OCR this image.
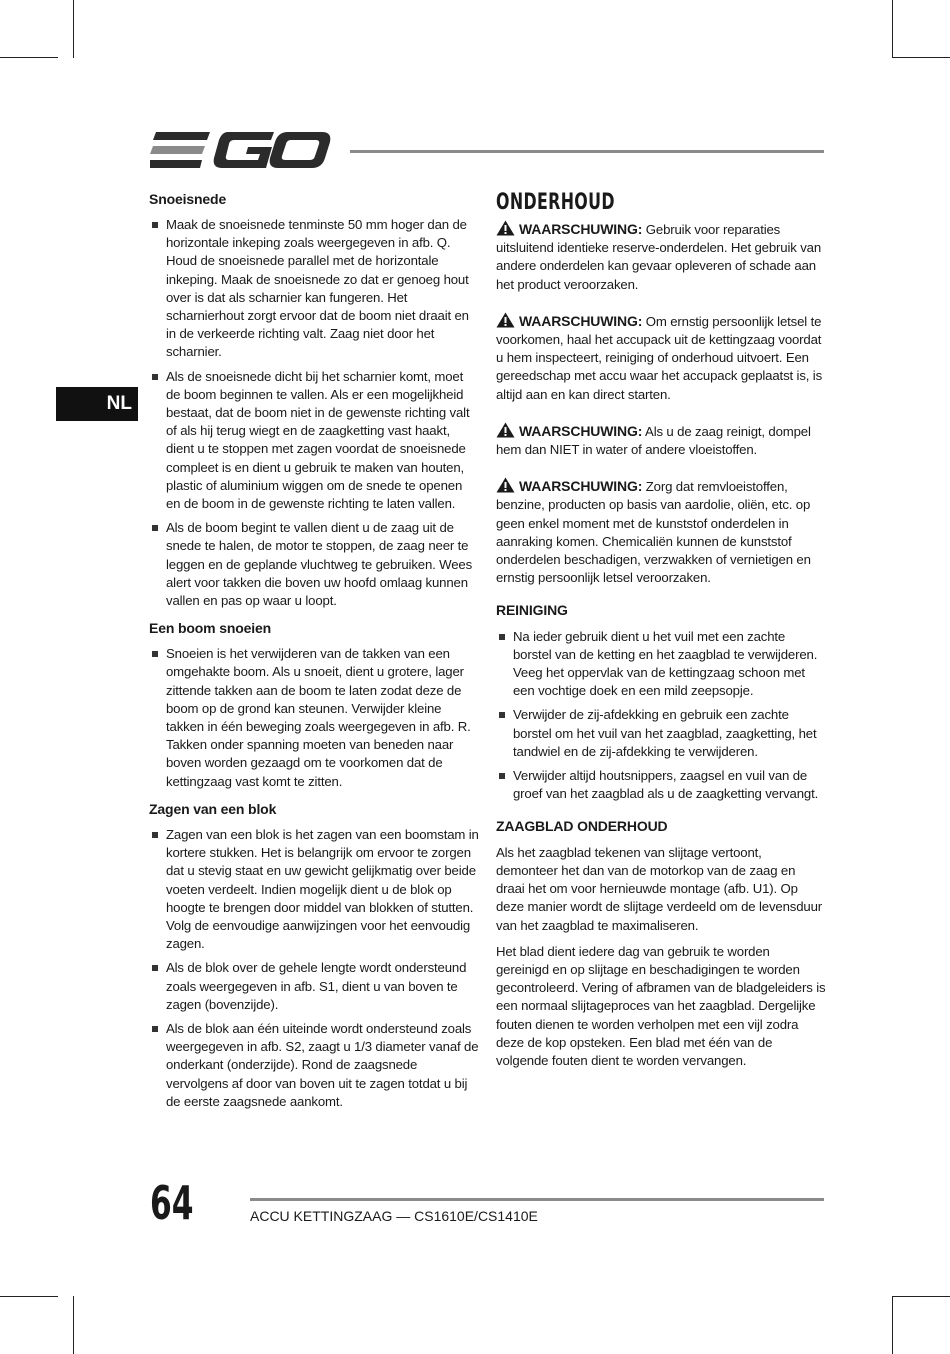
NL
Snoeisnede
Maak de snoeisnede tenminste 50 mm hoger dan de horizontale inkeping zoals weergegeven in afb. Q. Houd de snoeisnede parallel met de horizontale inkeping. Maak de snoeisnede zo dat er genoeg hout over is dat als scharnier kan fungeren. Het scharnierhout zorgt ervoor dat de boom niet draait en in de verkeerde richting valt. Zaag niet door het scharnier.
Als de snoeisnede dicht bij het scharnier komt, moet de boom beginnen te vallen. Als er een mogelijkheid bestaat, dat de boom niet in de gewenste richting valt of als hij terug wiegt en de zaagketting vast haakt, dient u te stoppen met zagen voordat de snoeisnede compleet is en dient u gebruik te maken van houten, plastic of aluminium wiggen om de snede te openen en de boom in de gewenste richting te laten vallen.
Als de boom begint te vallen dient u de zaag uit de snede te halen, de motor te stoppen, de zaag neer te leggen en de geplande vluchtweg te gebruiken. Wees alert voor takken die boven uw hoofd omlaag kunnen vallen en pas op waar u loopt.
Een boom snoeien
Snoeien is het verwijderen van de takken van een omgehakte boom. Als u snoeit, dient u grotere, lager zittende takken aan de boom te laten zodat deze de boom op de grond kan steunen. Verwijder kleine takken in één beweging zoals weergegeven in afb. R. Takken onder spanning moeten van beneden naar boven worden gezaagd om te voorkomen dat de kettingzaag vast komt te zitten.
Zagen van een blok
Zagen van een blok is het zagen van een boomstam in kortere stukken. Het is belangrijk om ervoor te zorgen dat u stevig staat en uw gewicht gelijkmatig over beide voeten verdeelt. Indien mogelijk dient u de blok op hoogte te brengen door middel van blokken of stutten. Volg de eenvoudige aanwijzingen voor het eenvoudig zagen.
Als de blok over de gehele lengte wordt ondersteund zoals weergegeven in afb. S1, dient u van boven te zagen (bovenzijde).
Als de blok aan één uiteinde wordt ondersteund zoals weergegeven in afb. S2, zaagt u 1/3 diameter vanaf de onderkant (onderzijde). Rond de zaagsnede vervolgens af door van boven uit te zagen totdat u bij de eerste zaagsnede aankomt.
ONDERHOUD
WAARSCHUWING: Gebruik voor reparaties uitsluitend identieke reserve-onderdelen. Het gebruik van andere onderdelen kan gevaar opleveren of schade aan het product veroorzaken.
WAARSCHUWING: Om ernstig persoonlijk letsel te voorkomen, haal het accupack uit de kettingzaag voordat u hem inspecteert, reiniging of onderhoud uitvoert. Een gereedschap met accu waar het accupack geplaatst is, is altijd aan en kan direct starten.
WAARSCHUWING: Als u de zaag reinigt, dompel hem dan NIET in water of andere vloeistoffen.
WAARSCHUWING: Zorg dat remvloeistoffen, benzine, producten op basis van aardolie, oliën, etc. op geen enkel moment met de kunststof onderdelen in aanraking komen. Chemicaliën kunnen de kunststof onderdelen beschadigen, verzwakken of vernietigen en ernstig persoonlijk letsel veroorzaken.
REINIGING
Na ieder gebruik dient u het vuil met een zachte borstel van de ketting en het zaagblad te verwijderen. Veeg het oppervlak van de kettingzaag schoon met een vochtige doek en een mild zeepsopje.
Verwijder de zij-afdekking en gebruik een zachte borstel om het vuil van het zaagblad, zaagketting, het tandwiel en de zij-afdekking te verwijderen.
Verwijder altijd houtsnippers, zaagsel en vuil van de groef van het zaagblad als u de zaagketting vervangt.
ZAAGBLAD ONDERHOUD

Als het zaagblad tekenen van slijtage vertoont, demonteer het dan van de motorkop van de zaag en draai het om voor hernieuwde montage (afb. U1). Op deze manier wordt de slijtage verdeeld om de levensduur van het zaagblad te maximaliseren.

Het blad dient iedere dag van gebruik te worden gereinigd en op slijtage en beschadigingen te worden gecontroleerd. Vering of afbramen van de bladgeleiders is een normaal slijtageproces van het zaagblad. Dergelijke fouten dienen te worden verholpen met een vijl zodra deze de kop opsteken. Een blad met één van de volgende fouten dient te worden vervangen.

64	ACCU KETTINGZAAG — CS1610E/CS1410E
